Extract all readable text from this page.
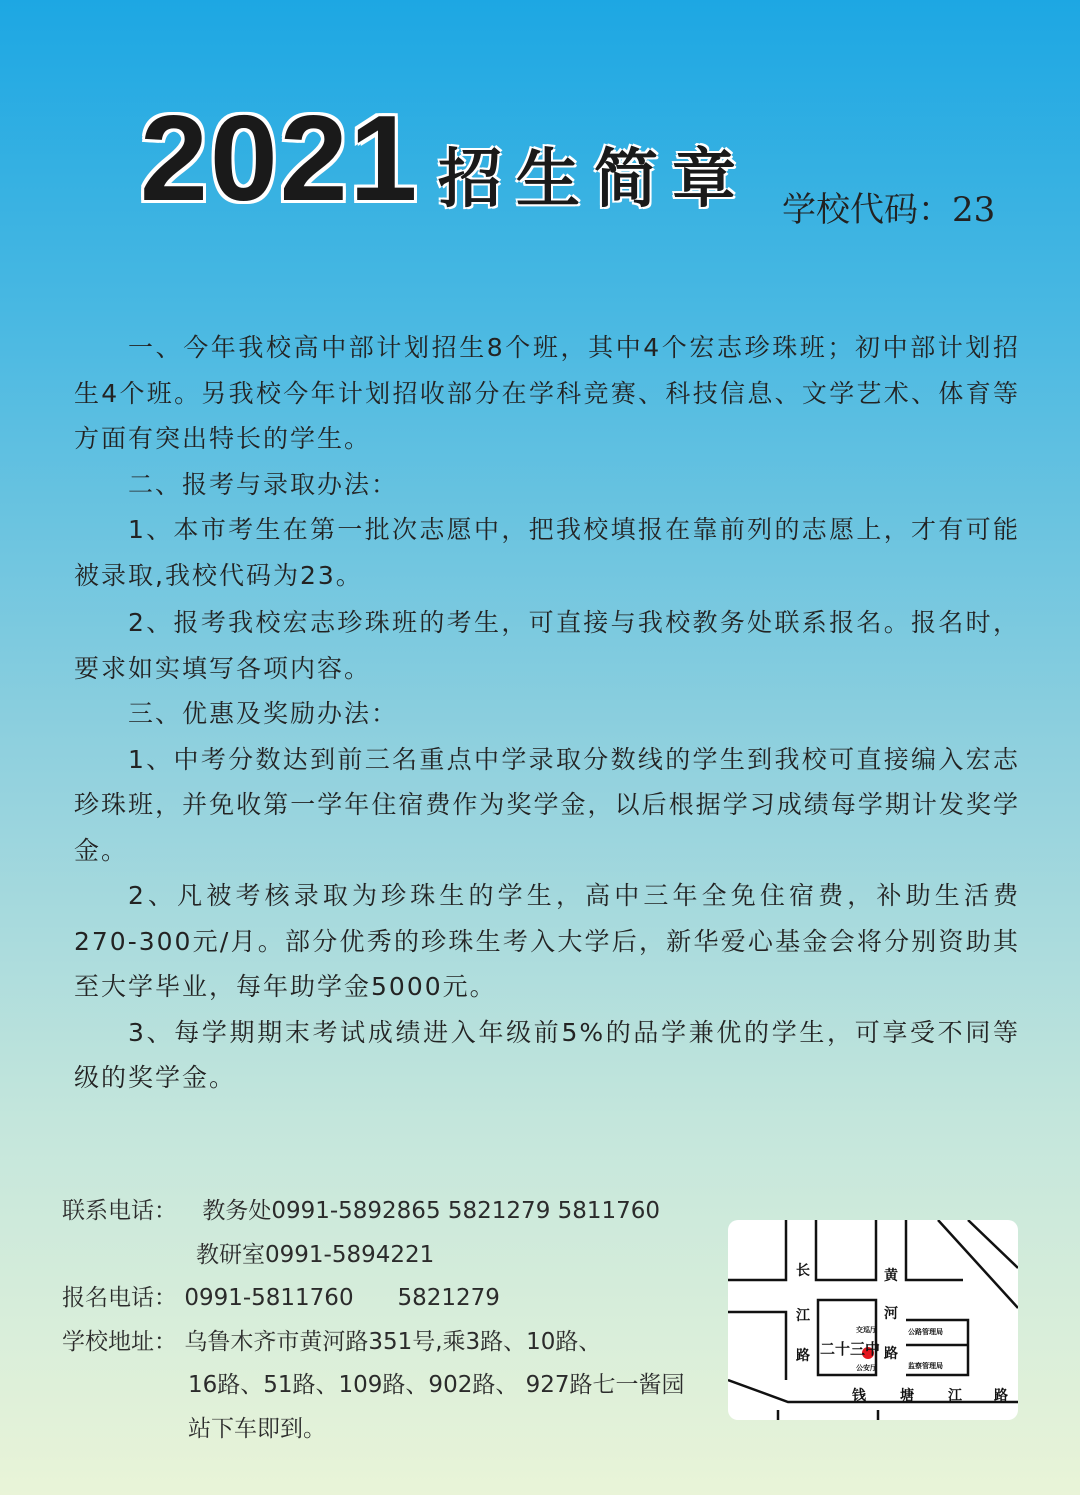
2021 招生简章 学校代码：23

一、今年我校高中部计划招生8个班，其中4个宏志珍珠班；初中部计划招生4个班。另我校今年计划招收部分在学科竞赛、科技信息、文学艺术、体育等方面有突出特长的学生。

二、报考与录取办法：

1、本市考生在第一批次志愿中，把我校填报在靠前列的志愿上，才有可能被录取,我校代码为23。

2、报考我校宏志珍珠班的考生，可直接与我校教务处联系报名。报名时，要求如实填写各项内容。

三、优惠及奖励办法：

1、中考分数达到前三名重点中学录取分数线的学生到我校可直接编入宏志珍珠班，并免收第一学年住宿费作为奖学金，以后根据学习成绩每学期计发奖学金。

2、凡被考核录取为珍珠生的学生，高中三年全免住宿费，补助生活费270-300元/月。部分优秀的珍珠生考入大学后，新华爱心基金会将分别资助其至大学毕业，每年助学金5000元。

3、每学期期末考试成绩进入年级前5%的品学兼优的学生，可享受不同等级的奖学金。

联系电话： 教务处0991-5892865 5821279 5811760
教研室0991-5894221
报名电话： 0991-5811760      5821279
学校地址： 乌鲁木齐市黄河路351号,乘3路、10路、
16路、51路、109路、902路、 927路七一酱园
站下车即到。
长
江
路
黄
河
路
交巡厅
二十三中
公安厅
公路管理局
监察管理局
钱 塘 江 路
